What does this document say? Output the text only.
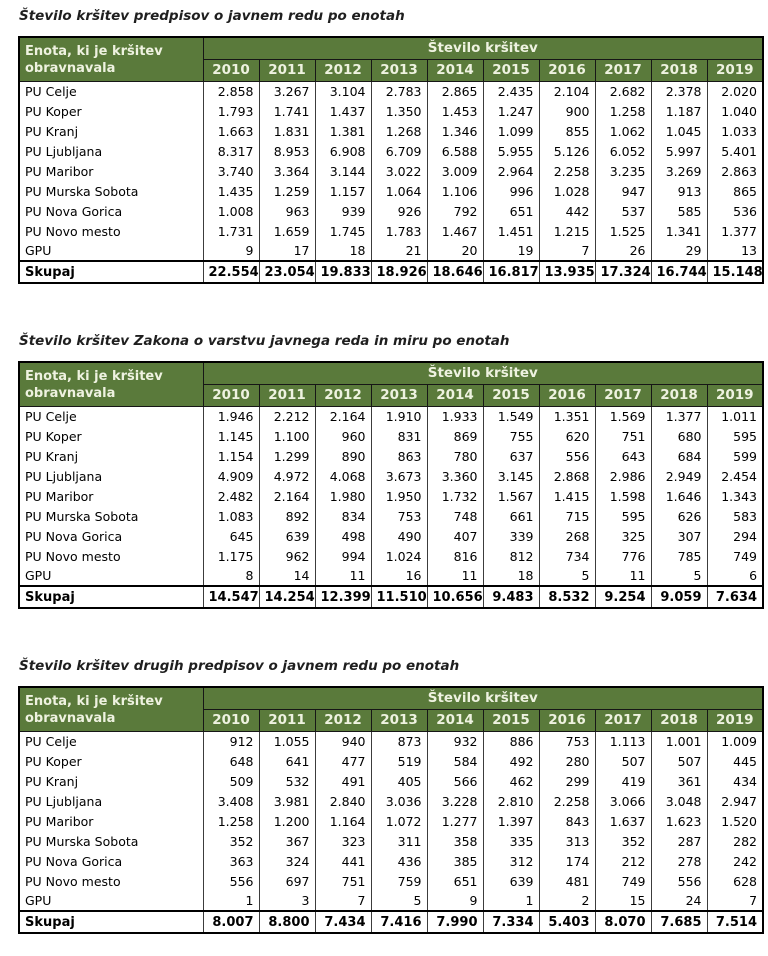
Število kršitev predpisov o javnem redu po enotah
Enota, ki je kršitev obravnavala	Število kršitev									
	2010	2011	2012	2013	2014	2015	2016	2017	2018	2019
PU Celje	2.858	3.267	3.104	2.783	2.865	2.435	2.104	2.682	2.378	2.020
PU Koper	1.793	1.741	1.437	1.350	1.453	1.247	900	1.258	1.187	1.040
PU Kranj	1.663	1.831	1.381	1.268	1.346	1.099	855	1.062	1.045	1.033
PU Ljubljana	8.317	8.953	6.908	6.709	6.588	5.955	5.126	6.052	5.997	5.401
PU Maribor	3.740	3.364	3.144	3.022	3.009	2.964	2.258	3.235	3.269	2.863
PU Murska Sobota	1.435	1.259	1.157	1.064	1.106	996	1.028	947	913	865
PU Nova Gorica	1.008	963	939	926	792	651	442	537	585	536
PU Novo mesto	1.731	1.659	1.745	1.783	1.467	1.451	1.215	1.525	1.341	1.377
GPU	9	17	18	21	20	19	7	26	29	13
Skupaj	22.554	23.054	19.833	18.926	18.646	16.817	13.935	17.324	16.744	15.148
Število kršitev Zakona o varstvu javnega reda in miru po enotah
Enota, ki je kršitev obravnavala	Število kršitev									
	2010	2011	2012	2013	2014	2015	2016	2017	2018	2019
PU Celje	1.946	2.212	2.164	1.910	1.933	1.549	1.351	1.569	1.377	1.011
PU Koper	1.145	1.100	960	831	869	755	620	751	680	595
PU Kranj	1.154	1.299	890	863	780	637	556	643	684	599
PU Ljubljana	4.909	4.972	4.068	3.673	3.360	3.145	2.868	2.986	2.949	2.454
PU Maribor	2.482	2.164	1.980	1.950	1.732	1.567	1.415	1.598	1.646	1.343
PU Murska Sobota	1.083	892	834	753	748	661	715	595	626	583
PU Nova Gorica	645	639	498	490	407	339	268	325	307	294
PU Novo mesto	1.175	962	994	1.024	816	812	734	776	785	749
GPU	8	14	11	16	11	18	5	11	5	6
Skupaj	14.547	14.254	12.399	11.510	10.656	9.483	8.532	9.254	9.059	7.634
Število kršitev drugih predpisov o javnem redu po enotah
Enota, ki je kršitev obravnavala	Število kršitev									
	2010	2011	2012	2013	2014	2015	2016	2017	2018	2019
PU Celje	912	1.055	940	873	932	886	753	1.113	1.001	1.009
PU Koper	648	641	477	519	584	492	280	507	507	445
PU Kranj	509	532	491	405	566	462	299	419	361	434
PU Ljubljana	3.408	3.981	2.840	3.036	3.228	2.810	2.258	3.066	3.048	2.947
PU Maribor	1.258	1.200	1.164	1.072	1.277	1.397	843	1.637	1.623	1.520
PU Murska Sobota	352	367	323	311	358	335	313	352	287	282
PU Nova Gorica	363	324	441	436	385	312	174	212	278	242
PU Novo mesto	556	697	751	759	651	639	481	749	556	628
GPU	1	3	7	5	9	1	2	15	24	7
Skupaj	8.007	8.800	7.434	7.416	7.990	7.334	5.403	8.070	7.685	7.514
